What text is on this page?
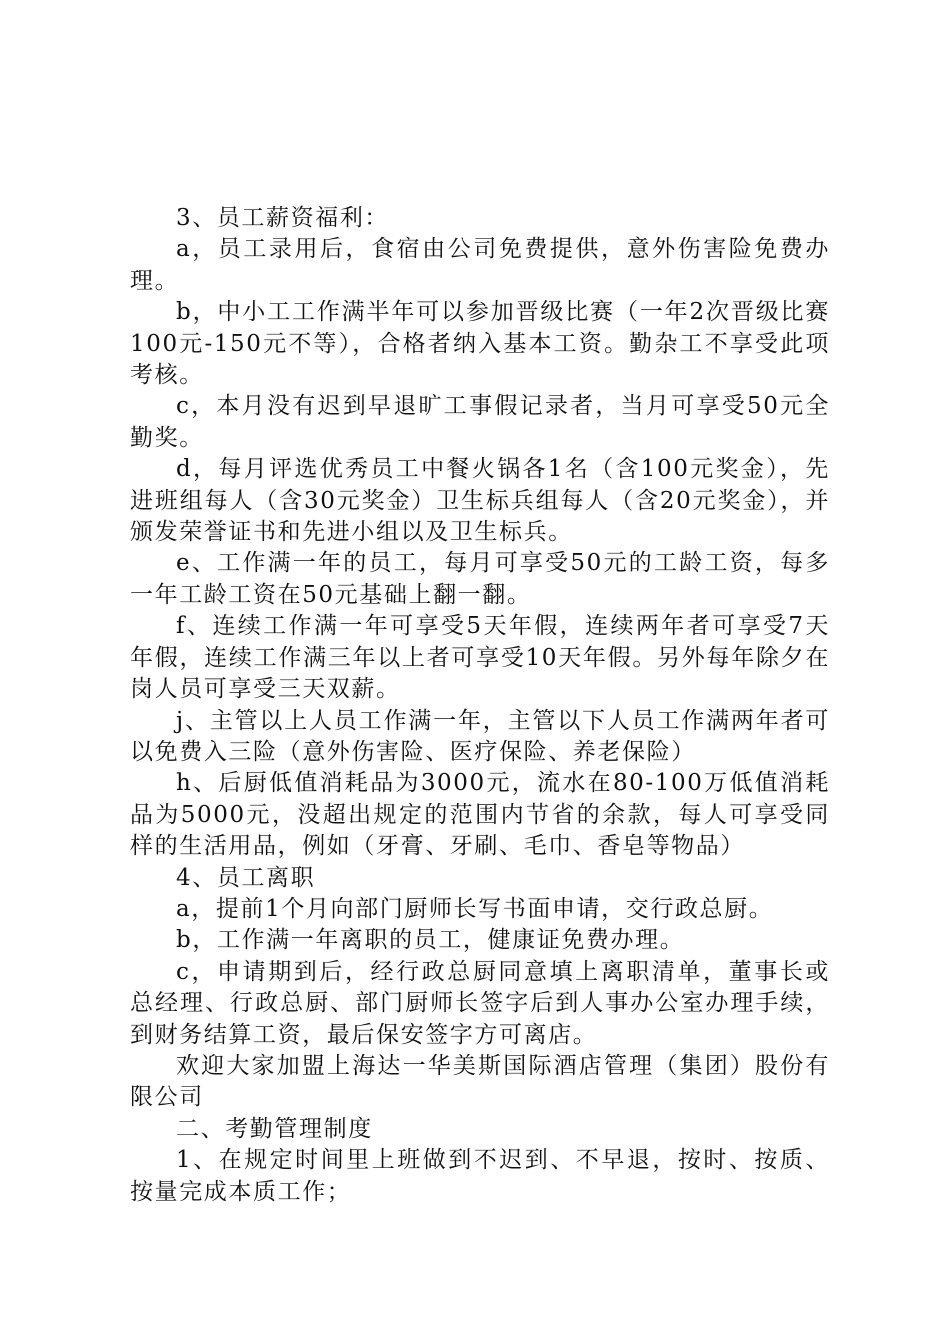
3、员工薪资福利：

a，员工录用后，食宿由公司免费提供，意外伤害险免费办理。

b，中小工工作满半年可以参加晋级比赛（一年2次晋级比赛100元-150元不等），合格者纳入基本工资。勤杂工不享受此项考核。

c，本月没有迟到早退旷工事假记录者，当月可享受50元全勤奖。

d，每月评选优秀员工中餐火锅各1名（含100元奖金），先进班组每人（含30元奖金）卫生标兵组每人（含20元奖金），并颁发荣誉证书和先进小组以及卫生标兵。

e、工作满一年的员工，每月可享受50元的工龄工资，每多一年工龄工资在50元基础上翻一翻。

f、连续工作满一年可享受5天年假，连续两年者可享受7天年假，连续工作满三年以上者可享受10天年假。另外每年除夕在岗人员可享受三天双薪。

j、主管以上人员工作满一年，主管以下人员工作满两年者可以免费入三险（意外伤害险、医疗保险、养老保险）

h、后厨低值消耗品为3000元，流水在80-100万低值消耗品为5000元，没超出规定的范围内节省的余款，每人可享受同样的生活用品，例如（牙膏、牙刷、毛巾、香皂等物品）

4、员工离职

a，提前1个月向部门厨师长写书面申请，交行政总厨。

b，工作满一年离职的员工，健康证免费办理。

c，申请期到后，经行政总厨同意填上离职清单，董事长或总经理、行政总厨、部门厨师长签字后到人事办公室办理手续，到财务结算工资，最后保安签字方可离店。

欢迎大家加盟上海达一华美斯国际酒店管理（集团）股份有限公司

二、考勤管理制度

1、在规定时间里上班做到不迟到、不早退，按时、按质、按量完成本质工作；
